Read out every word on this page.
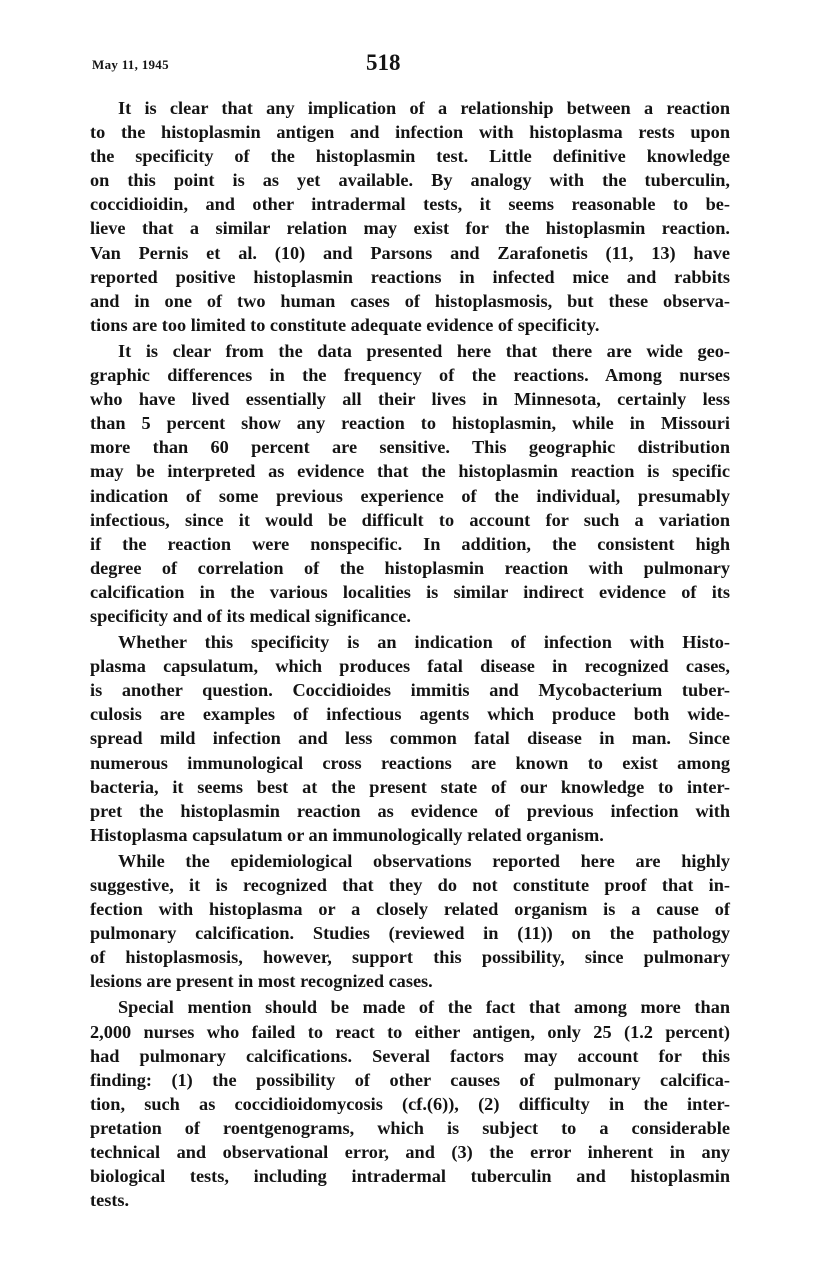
May 11, 1945	518

It is clear that any implication of a relationship between a reaction
to the histoplasmin antigen and infection with histoplasma rests upon
the specificity of the histoplasmin test. Little definitive knowledge
on this point is as yet available. By analogy with the tuberculin,
coccidioidin, and other intradermal tests, it seems reasonable to be-
lieve that a similar relation may exist for the histoplasmin reaction.
Van Pernis et al. (10) and Parsons and Zarafonetis (11, 13) have
reported positive histoplasmin reactions in infected mice and rabbits
and in one of two human cases of histoplasmosis, but these observa-
tions are too limited to constitute adequate evidence of specificity.

It is clear from the data presented here that there are wide geo-
graphic differences in the frequency of the reactions. Among nurses
who have lived essentially all their lives in Minnesota, certainly less
than 5 percent show any reaction to histoplasmin, while in Missouri
more than 60 percent are sensitive. This geographic distribution
may be interpreted as evidence that the histoplasmin reaction is specific
indication of some previous experience of the individual, presumably
infectious, since it would be difficult to account for such a variation
if the reaction were nonspecific. In addition, the consistent high
degree of correlation of the histoplasmin reaction with pulmonary
calcification in the various localities is similar indirect evidence of its
specificity and of its medical significance.

Whether this specificity is an indication of infection with Histo-
plasma capsulatum, which produces fatal disease in recognized cases,
is another question. Coccidioides immitis and Mycobacterium tuber-
culosis are examples of infectious agents which produce both wide-
spread mild infection and less common fatal disease in man. Since
numerous immunological cross reactions are known to exist among
bacteria, it seems best at the present state of our knowledge to inter-
pret the histoplasmin reaction as evidence of previous infection with
Histoplasma capsulatum or an immunologically related organism.

While the epidemiological observations reported here are highly
suggestive, it is recognized that they do not constitute proof that in-
fection with histoplasma or a closely related organism is a cause of
pulmonary calcification. Studies (reviewed in (11)) on the pathology
of histoplasmosis, however, support this possibility, since pulmonary
lesions are present in most recognized cases.

Special mention should be made of the fact that among more than
2,000 nurses who failed to react to either antigen, only 25 (1.2 percent)
had pulmonary calcifications. Several factors may account for this
finding: (1) the possibility of other causes of pulmonary calcifica-
tion, such as coccidioidomycosis (cf.(6)), (2) difficulty in the inter-
pretation of roentgenograms, which is subject to a considerable
technical and observational error, and (3) the error inherent in any
biological tests, including intradermal tuberculin and histoplasmin
tests.
